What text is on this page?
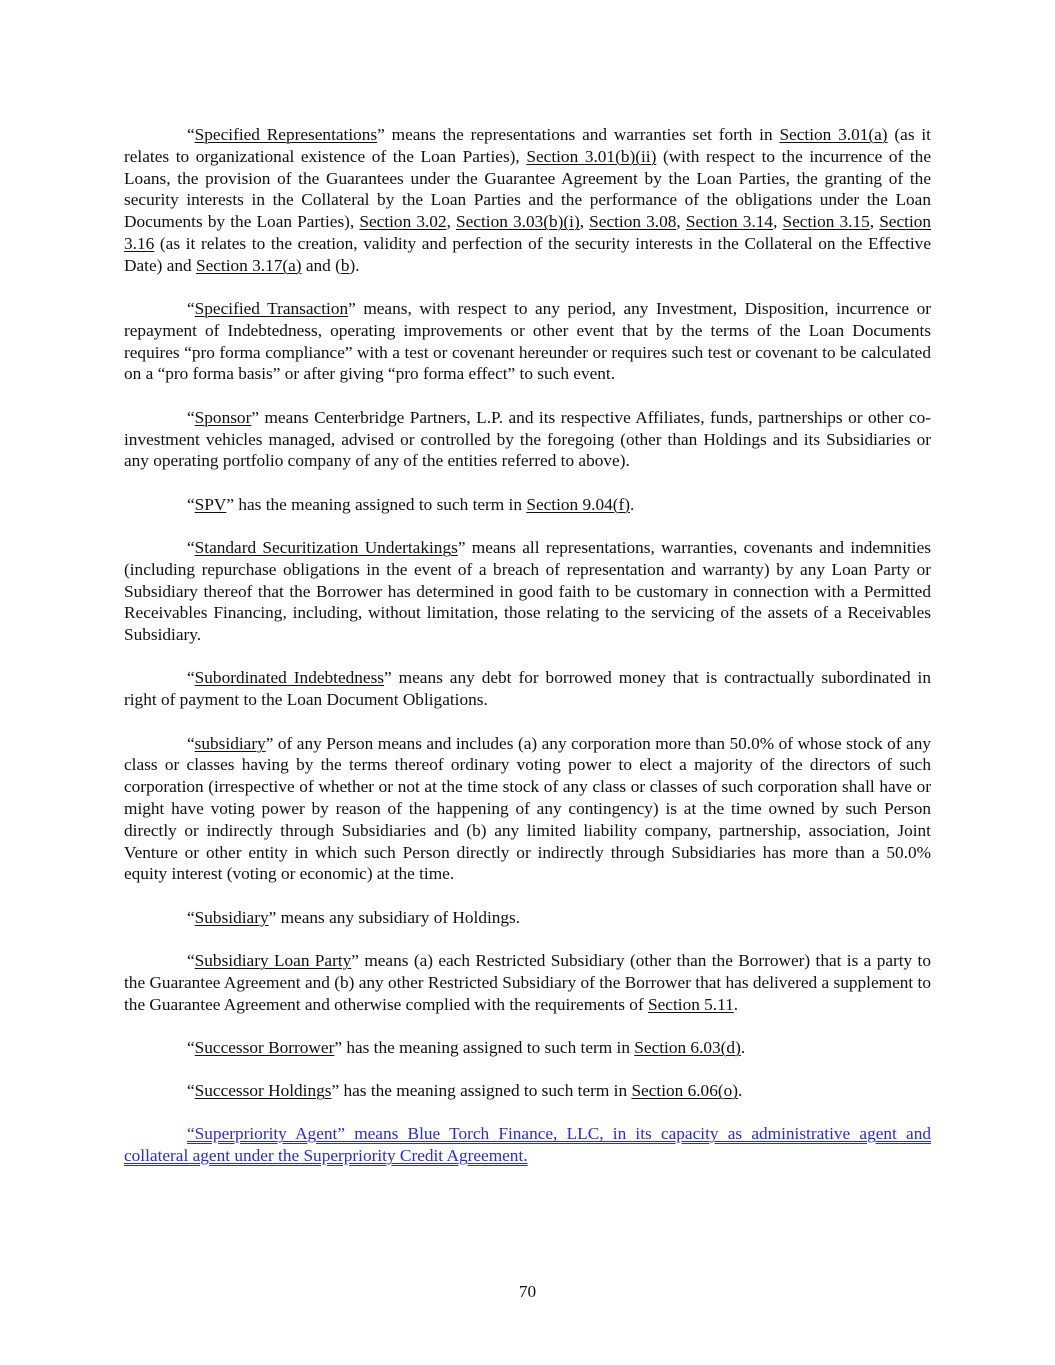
“Specified Representations” means the representations and warranties set forth in Section 3.01(a) (as it relates to organizational existence of the Loan Parties), Section 3.01(b)(ii) (with respect to the incurrence of the Loans, the provision of the Guarantees under the Guarantee Agreement by the Loan Parties, the granting of the security interests in the Collateral by the Loan Parties and the performance of the obligations under the Loan Documents by the Loan Parties), Section 3.02, Section 3.03(b)(i), Section 3.08, Section 3.14, Section 3.15, Section 3.16 (as it relates to the creation, validity and perfection of the security interests in the Collateral on the Effective Date) and Section 3.17(a) and (b).

“Specified Transaction” means, with respect to any period, any Investment, Disposition, incurrence or repayment of Indebtedness, operating improvements or other event that by the terms of the Loan Documents requires “pro forma compliance” with a test or covenant hereunder or requires such test or covenant to be calculated on a “pro forma basis” or after giving “pro forma effect” to such event.

“Sponsor” means Centerbridge Partners, L.P. and its respective Affiliates, funds, partnerships or other co-investment vehicles managed, advised or controlled by the foregoing (other than Holdings and its Subsidiaries or any operating portfolio company of any of the entities referred to above).

“SPV” has the meaning assigned to such term in Section 9.04(f).

“Standard Securitization Undertakings” means all representations, warranties, covenants and indemnities (including repurchase obligations in the event of a breach of representation and warranty) by any Loan Party or Subsidiary thereof that the Borrower has determined in good faith to be customary in connection with a Permitted Receivables Financing, including, without limitation, those relating to the servicing of the assets of a Receivables Subsidiary.

“Subordinated Indebtedness” means any debt for borrowed money that is contractually subordinated in right of payment to the Loan Document Obligations.

“subsidiary” of any Person means and includes (a) any corporation more than 50.0% of whose stock of any class or classes having by the terms thereof ordinary voting power to elect a majority of the directors of such corporation (irrespective of whether or not at the time stock of any class or classes of such corporation shall have or might have voting power by reason of the happening of any contingency) is at the time owned by such Person directly or indirectly through Subsidiaries and (b) any limited liability company, partnership, association, Joint Venture or other entity in which such Person directly or indirectly through Subsidiaries has more than a 50.0% equity interest (voting or economic) at the time.

“Subsidiary” means any subsidiary of Holdings.

“Subsidiary Loan Party” means (a) each Restricted Subsidiary (other than the Borrower) that is a party to the Guarantee Agreement and (b) any other Restricted Subsidiary of the Borrower that has delivered a supplement to the Guarantee Agreement and otherwise complied with the requirements of Section 5.11.

“Successor Borrower” has the meaning assigned to such term in Section 6.03(d).

“Successor Holdings” has the meaning assigned to such term in Section 6.06(o).

“Superpriority Agent” means Blue Torch Finance, LLC, in its capacity as administrative agent and collateral agent under the Superpriority Credit Agreement.

70
